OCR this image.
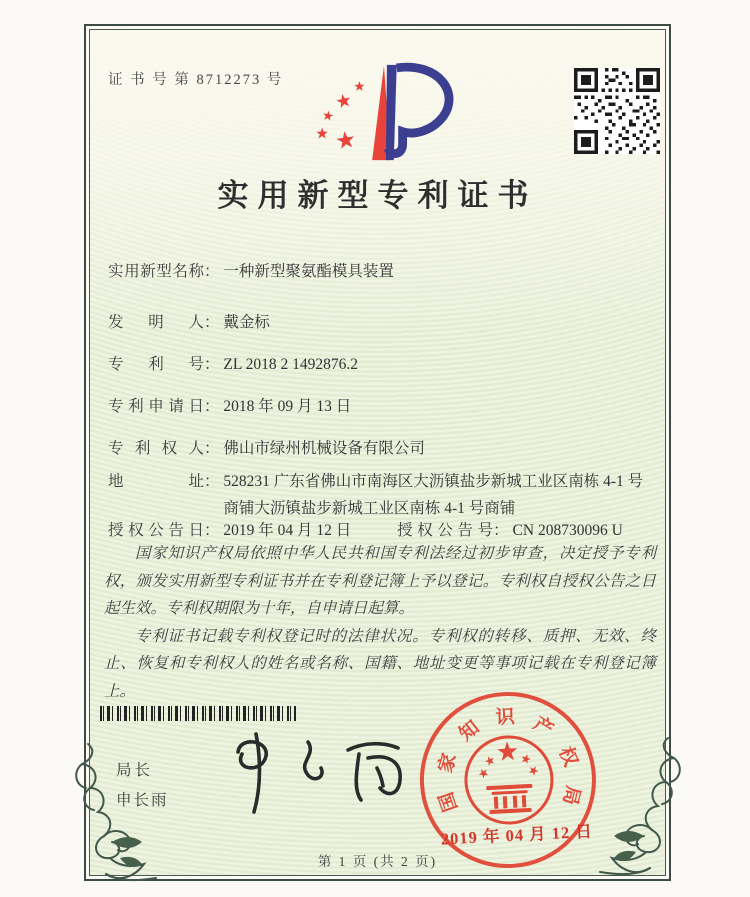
证 书 号 第 8712273 号
实用新型专利证书
实用新型名称： 一种新型聚氨酯模具装置
发明人： 戴金标
专利号： ZL 2018 2 1492876.2
专利申请日： 2018 年 09 月 13 日
专利权人： 佛山市绿州机械设备有限公司
地址： 528231 广东省佛山市南海区大沥镇盐步新城工业区南栋 4-1 号商铺大沥镇盐步新城工业区南栋 4-1 号商铺
授权公告日： 2019 年 04 月 12 日	授权公告号： CN 208730096 U

国家知识产权局依照中华人民共和国专利法经过初步审查，决定授予专利权，颁发实用新型专利证书并在专利登记簿上予以登记。专利权自授权公告之日起生效。专利权期限为十年，自申请日起算。

专利证书记载专利权登记时的法律状况。专利权的转移、质押、无效、终止、恢复和专利权人的姓名或名称、国籍、地址变更等事项记载在专利登记簿上。

局长
申长雨	国
家
知 识 产
权
局
2019 年 04 月 12 日
第 1 页 (共 2 页)
